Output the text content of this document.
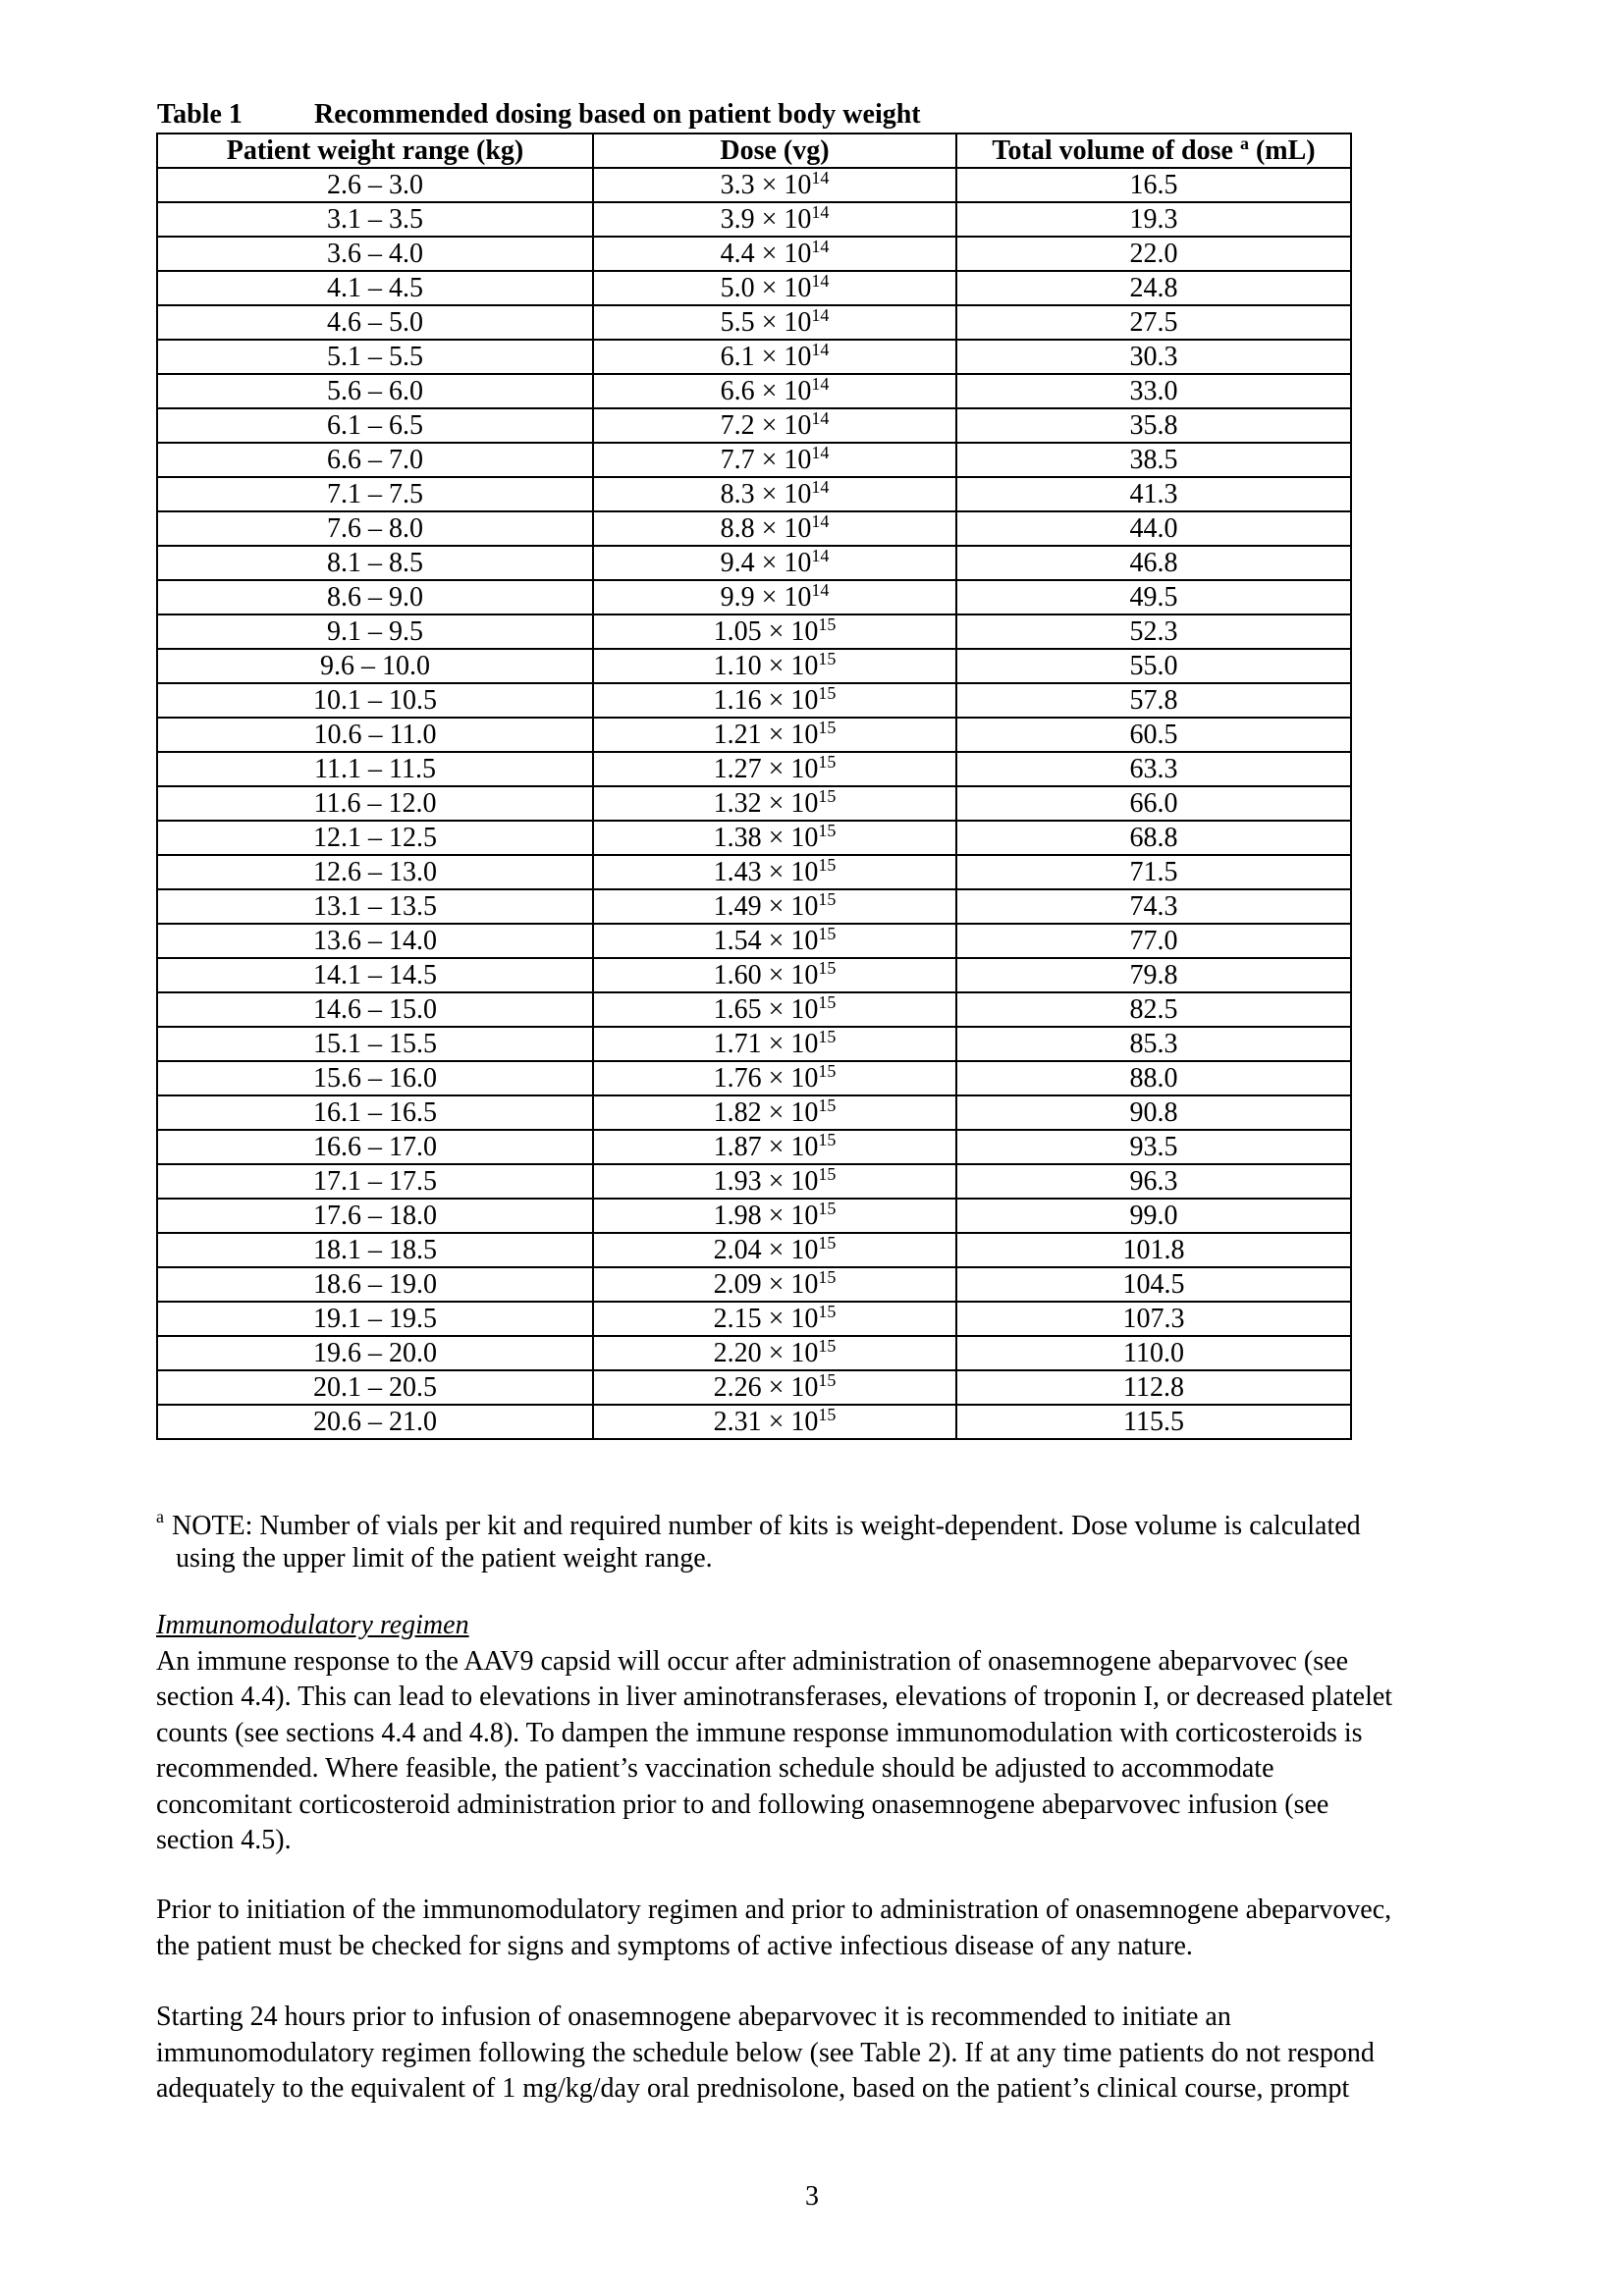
Table 1	Recommended dosing based on patient body weight
Patient weight range (kg)	Dose (vg)	Total volume of dose $^a$ (mL)
2.6 – 3.0	$3.3 \times 10^{14}$	16.5
3.1 – 3.5	$3.9 \times 10^{14}$	19.3
3.6 – 4.0	$4.4 \times 10^{14}$	22.0
4.1 – 4.5	$5.0 \times 10^{14}$	24.8
4.6 – 5.0	$5.5 \times 10^{14}$	27.5
5.1 – 5.5	$6.1 \times 10^{14}$	30.3
5.6 – 6.0	$6.6 \times 10^{14}$	33.0
6.1 – 6.5	$7.2 \times 10^{14}$	35.8
6.6 – 7.0	$7.7 \times 10^{14}$	38.5
7.1 – 7.5	$8.3 \times 10^{14}$	41.3
7.6 – 8.0	$8.8 \times 10^{14}$	44.0
8.1 – 8.5	$9.4 \times 10^{14}$	46.8
8.6 – 9.0	$9.9 \times 10^{14}$	49.5
9.1 – 9.5	$1.05 \times 10^{15}$	52.3
9.6 – 10.0	$1.10 \times 10^{15}$	55.0
10.1 – 10.5	$1.16 \times 10^{15}$	57.8
10.6 – 11.0	$1.21 \times 10^{15}$	60.5
11.1 – 11.5	$1.27 \times 10^{15}$	63.3
11.6 – 12.0	$1.32 \times 10^{15}$	66.0
12.1 – 12.5	$1.38 \times 10^{15}$	68.8
12.6 – 13.0	$1.43 \times 10^{15}$	71.5
13.1 – 13.5	$1.49 \times 10^{15}$	74.3
13.6 – 14.0	$1.54 \times 10^{15}$	77.0
14.1 – 14.5	$1.60 \times 10^{15}$	79.8
14.6 – 15.0	$1.65 \times 10^{15}$	82.5
15.1 – 15.5	$1.71 \times 10^{15}$	85.3
15.6 – 16.0	$1.76 \times 10^{15}$	88.0
16.1 – 16.5	$1.82 \times 10^{15}$	90.8
16.6 – 17.0	$1.87 \times 10^{15}$	93.5
17.1 – 17.5	$1.93 \times 10^{15}$	96.3
17.6 – 18.0	$1.98 \times 10^{15}$	99.0
18.1 – 18.5	$2.04 \times 10^{15}$	101.8
18.6 – 19.0	$2.09 \times 10^{15}$	104.5
19.1 – 19.5	$2.15 \times 10^{15}$	107.3
19.6 – 20.0	$2.20 \times 10^{15}$	110.0
20.1 – 20.5	$2.26 \times 10^{15}$	112.8
20.6 – 21.0	$2.31 \times 10^{15}$	115.5
$^a$ NOTE: Number of vials per kit and required number of kits is weight-dependent. Dose volume is calculated
using the upper limit of the patient weight range.
Immunomodulatory regimen
An immune response to the AAV9 capsid will occur after administration of onasemnogene abeparvovec (see
section 4.4). This can lead to elevations in liver aminotransferases, elevations of troponin I, or decreased platelet
counts (see sections 4.4 and 4.8). To dampen the immune response immunomodulation with corticosteroids is
recommended. Where feasible, the patient’s vaccination schedule should be adjusted to accommodate
concomitant corticosteroid administration prior to and following onasemnogene abeparvovec infusion (see
section 4.5).
Prior to initiation of the immunomodulatory regimen and prior to administration of onasemnogene abeparvovec,
the patient must be checked for signs and symptoms of active infectious disease of any nature.
Starting 24 hours prior to infusion of onasemnogene abeparvovec it is recommended to initiate an
immunomodulatory regimen following the schedule below (see Table 2). If at any time patients do not respond
adequately to the equivalent of 1 mg/kg/day oral prednisolone, based on the patient’s clinical course, prompt
3
